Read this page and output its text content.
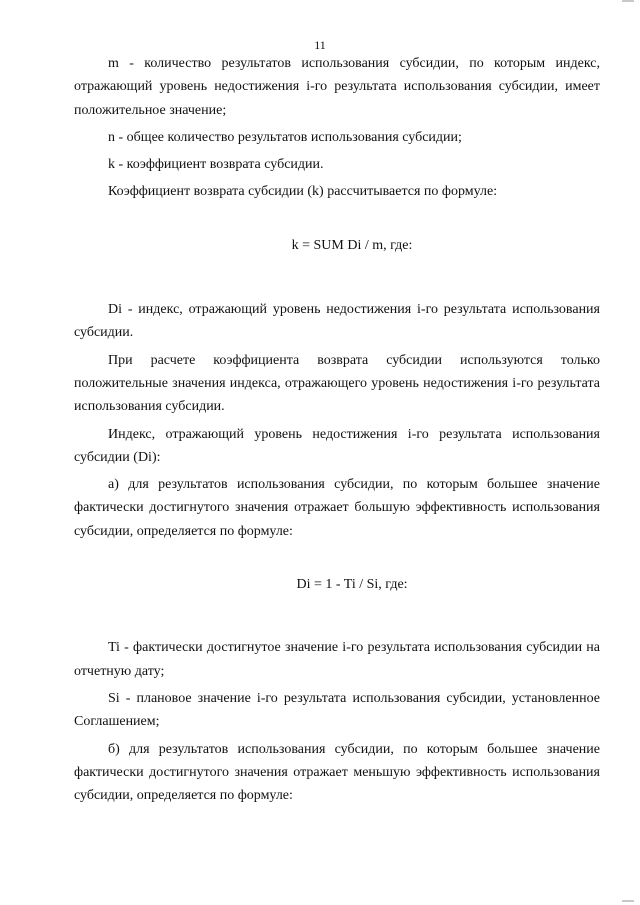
11

m - количество результатов использования субсидии, по которым индекс, отражающий уровень недостижения i-го результата использования субсидии, имеет положительное значение;

n - общее количество результатов использования субсидии;

k - коэффициент возврата субсидии.

Коэффициент возврата субсидии (k) рассчитывается по формуле:

k = SUM Di / m, где:

Di - индекс, отражающий уровень недостижения i-го результата использования субсидии.

При расчете коэффициента возврата субсидии используются только положительные значения индекса, отражающего уровень недостижения i-го результата использования субсидии.

Индекс, отражающий уровень недостижения i-го результата использования субсидии (Di):

а) для результатов использования субсидии, по которым большее значение фактически достигнутого значения отражает большую эффективность использования субсидии, определяется по формуле:

Di = 1 - Ti / Si, где:

Ti - фактически достигнутое значение i-го результата использования субсидии на отчетную дату;

Si - плановое значение i-го результата использования субсидии, установленное Соглашением;

б) для результатов использования субсидии, по которым большее значение фактически достигнутого значения отражает меньшую эффективность использования субсидии, определяется по формуле:
